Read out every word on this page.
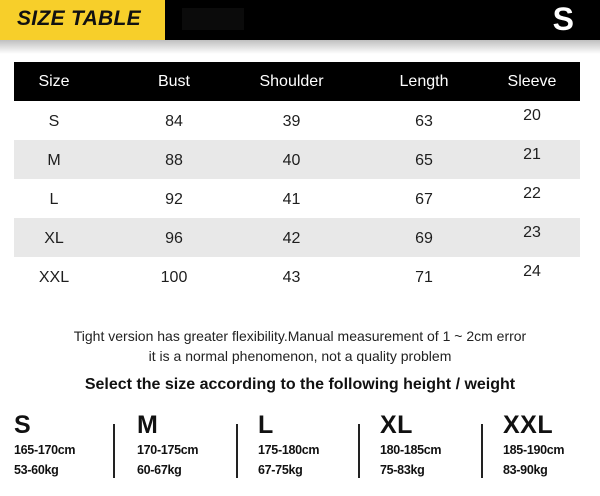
SIZE TABLE	S
Size	Bust	Shoulder	Length	Sleeve
S	84	39	63	20
M	88	40	65	21
L	92	41	67	22
XL	96	42	69	23
XXL	100	43	71	24
Tight version has greater flexibility.Manual measurement of 1 ~ 2cm error
it is a normal phenomenon, not a quality problem
Select the size according to the following height / weight
S
165-170cm
53-60kg
M
170-175cm
60-67kg
L
175-180cm
67-75kg
XL
180-185cm
75-83kg
XXL
185-190cm
83-90kg
